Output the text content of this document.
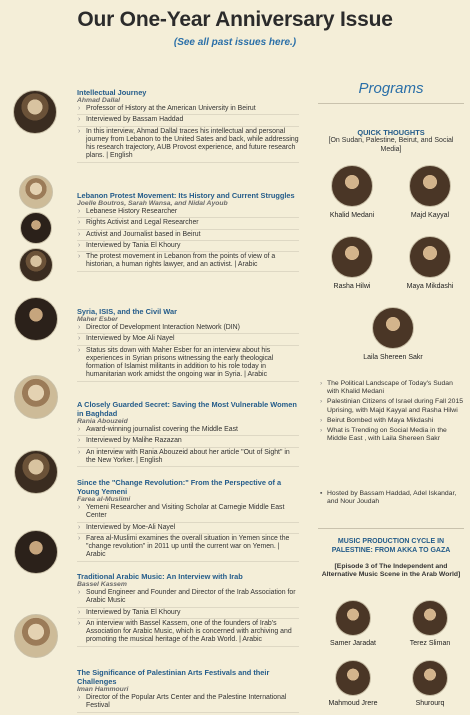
Our One-Year Anniversary Issue
(See all past issues here.)
Intellectual Journey
Ahmad Dallal
› Professor of History at the American University in Beirut
› Interviewed by Bassam Haddad
› In this interview, Ahmad Dallal traces his intellectual and personal journey from Lebanon to the United Sates and back, while addressing his research trajectory, AUB Provost experience, and future research plans. | English
Lebanon Protest Movement: Its History and Current Struggles
Joelle Boutros, Sarah Wansa, and Nidal Ayoub
› Lebanese History Researcher
› Rights Activist and Legal Researcher
› Activist and Journalist based in Beirut
› Interviewed by Tania El Khoury
› The protest movement in Lebanon from the points of view of a historian, a human rights lawyer, and an activist. | Arabic
Syria, ISIS, and the Civil War
Maher Esber
› Director of Development Interaction Network (DIN)
› Interviewed by Moe Ali Nayel
› Status sits down with Maher Esber for an interview about his experiences in Syrian prisons witnessing the early theological formation of Islamist militants in addition to his role today in humanitarian work amidst the ongoing war in Syria. | Arabic
A Closely Guarded Secret: Saving the Most Vulnerable Women in Baghdad
Rania Abouzeid
› Award-winning journalist covering the Middle East
› Interviewed by Malihe Razazan
› An interview with Rania Abouzeid about her article "Out of Sight" in the New Yorker. | English
Since the "Change Revolution:" From the Perspective of a Young Yemeni
Farea al-Muslimi
› Yemeni Researcher and Visiting Scholar at Carnegie Middle East Center
› Interviewed by Moe-Ali Nayel
› Farea al-Muslimi examines the overall situation in Yemen since the "change revolution" in 2011 up until the current war on Yemen. | Arabic
Traditional Arabic Music: An Interview with Irab
Bassel Kassem
› Sound Engineer and Founder and Director of the Irab Association for Arabic Music
› Interviewed by Tania El Khoury
› An interview with Bassel Kassem, one of the founders of Irab's Association for Arabic Music, which is concerned with archiving and promoting the musical heritage of the Arab World. | Arabic
The Significance of Palestinian Arts Festivals and their Challenges
Iman Hammouri
› Director of the Popular Arts Center and the Palestine International Festival
Programs
QUICK THOUGHTS
[On Sudan, Palestine, Beirut, and Social Media]
Khalid Medani	Majd Kayyal
Rasha Hilwi	Maya Mikdashi
Laila Shereen Sakr
› The Political Landscape of Today's Sudan with Khalid Medani
› Palestinian Citizens of Israel during Fall 2015 Uprising, with Majd Kayyal and Rasha Hilwi
› Beirut Bombed with Maya Mikdashi
› What is Trending on Social Media in the Middle East , with Laila Shereen Sakr
▪ Hosted by Bassam Haddad, Adel Iskandar, and Nour Joudah
MUSIC PRODUCTION CYCLE IN PALESTINE: FROM AKKA TO GAZA
[Episode 3 of The Independent and Alternative Music Scene in the Arab World]
Samer Jaradat	Terez Sliman
Mahmoud Jrere	Shurourq
